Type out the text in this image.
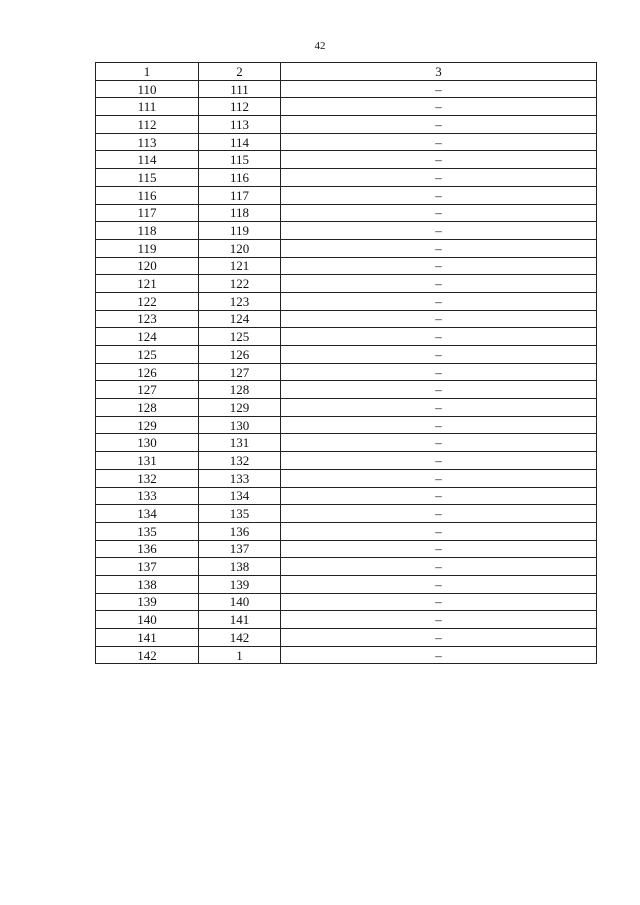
42
1	2	3
110	111	–
111	112	–
112	113	–
113	114	–
114	115	–
115	116	–
116	117	–
117	118	–
118	119	–
119	120	–
120	121	–
121	122	–
122	123	–
123	124	–
124	125	–
125	126	–
126	127	–
127	128	–
128	129	–
129	130	–
130	131	–
131	132	–
132	133	–
133	134	–
134	135	–
135	136	–
136	137	–
137	138	–
138	139	–
139	140	–
140	141	–
141	142	–
142	1	–
